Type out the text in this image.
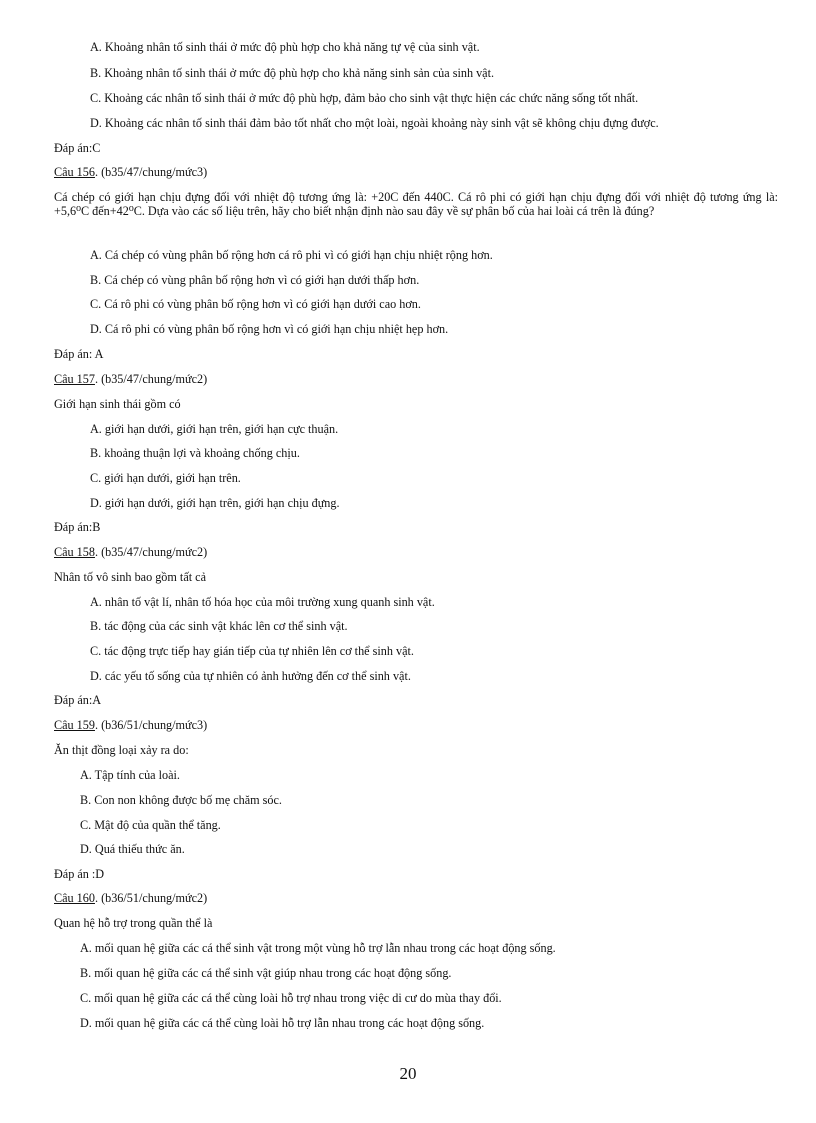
A. Khoảng nhân tố sinh thái ở mức độ phù hợp cho khả năng tự vệ của sinh vật.
B. Khoảng nhân tố sinh thái ở mức độ phù hợp cho khả năng sinh sản của sinh vật.
C. Khoảng các nhân tố sinh thái ở mức độ phù hợp, đảm bảo cho sinh vật thực hiện các chức năng sống tốt nhất.
D. Khoảng các nhân tố sinh thái đảm bảo tốt nhất cho một loài, ngoài khoảng này sinh vật sẽ không chịu đựng được.
Đáp án:C
Câu 156. (b35/47/chung/mức3)
Cá chép có giới hạn chịu đựng đối với nhiệt độ tương ứng là: +20C đến 440C. Cá rô phi có giới hạn chịu đựng đối với nhiệt độ tương ứng là: +5,6⁰C đến+42⁰C. Dựa vào các số liệu trên, hãy cho biết nhận định nào sau đây về sự phân bố của hai loài cá trên là đúng?
A. Cá chép có vùng phân bố rộng hơn cá rô phi vì có giới hạn chịu nhiệt rộng hơn.
B. Cá chép có vùng phân bố rộng hơn vì có giới hạn dưới thấp hơn.
C. Cá rô phi có vùng phân bố rộng hơn vì có giới hạn dưới cao hơn.
D. Cá rô phi có vùng phân bố rộng hơn vì có giới hạn chịu nhiệt hẹp hơn.
Đáp án: A
Câu 157. (b35/47/chung/mức2)
Giới hạn sinh thái gồm có
A. giới hạn dưới, giới hạn trên, giới hạn cực thuận.
B. khoảng thuận lợi và khoảng chống chịu.
C. giới hạn dưới, giới hạn trên.
D. giới hạn dưới, giới hạn trên, giới hạn chịu đựng.
Đáp án:B
Câu 158. (b35/47/chung/mức2)
Nhân tố vô sinh bao gồm tất cả
A. nhân tố vật lí, nhân tố hóa học của môi trường xung quanh sinh vật.
B. tác động của các sinh vật khác lên cơ thể sinh vật.
C. tác động trực tiếp hay gián tiếp của tự nhiên lên cơ thể sinh vật.
D. các yếu tố sống của tự nhiên có ảnh hưởng đến cơ thể sinh vật.
Đáp án:A
Câu 159. (b36/51/chung/mức3)
Ăn thịt đồng loại xảy ra do:
A. Tập tính của loài.
B. Con non không được bố mẹ chăm sóc.
C. Mật độ của quần thể tăng.
D. Quá thiếu thức ăn.
Đáp án :D
Câu 160. (b36/51/chung/mức2)
Quan hệ hỗ trợ trong quần thể là
A. mối quan hệ giữa các cá thể sinh vật trong một vùng hỗ trợ lẫn nhau trong các hoạt động sống.
B. mối quan hệ giữa các cá thể sinh vật giúp nhau trong các hoạt động sống.
C. mối quan hệ giữa các cá thể cùng loài hỗ trợ nhau trong việc di cư do mùa thay đổi.
D. mối quan hệ giữa các cá thể cùng loài hỗ trợ lẫn nhau trong các hoạt động sống.
20
